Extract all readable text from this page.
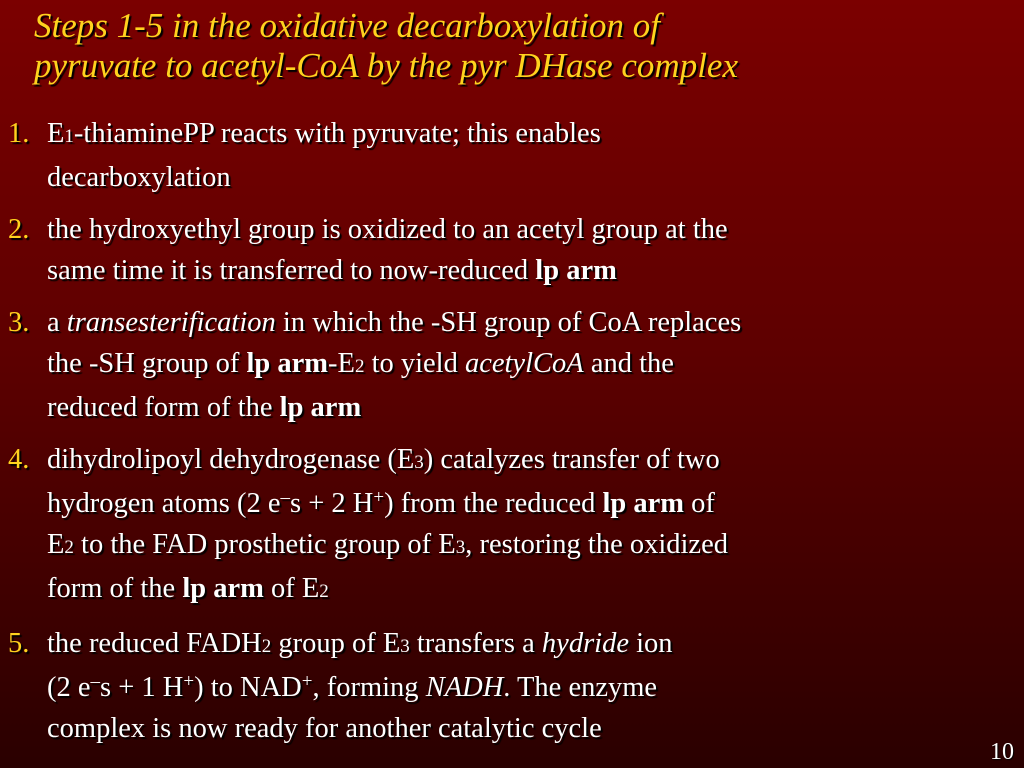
Steps 1-5 in the oxidative decarboxylation of
pyruvate to acetyl-CoA by the pyr DHase complex
1. E1-thiaminePP reacts with pyruvate; this enables
decarboxylation
2. the hydroxyethyl group is oxidized to an acetyl group at the
same time it is transferred to now-reduced lp arm
3. a transesterification in which the -SH group of CoA replaces
the -SH group of lp arm-E2 to yield acetylCoA and the
reduced form of the lp arm
4. dihydrolipoyl dehydrogenase (E3) catalyzes transfer of two
hydrogen atoms (2 e–s + 2 H+) from the reduced lp arm of
E2 to the FAD prosthetic group of E3, restoring the oxidized
form of the lp arm of E2
5. the reduced FADH2 group of E3 transfers a hydride ion
(2 e–s + 1 H+) to NAD+, forming NADH. The enzyme
complex is now ready for another catalytic cycle
10
